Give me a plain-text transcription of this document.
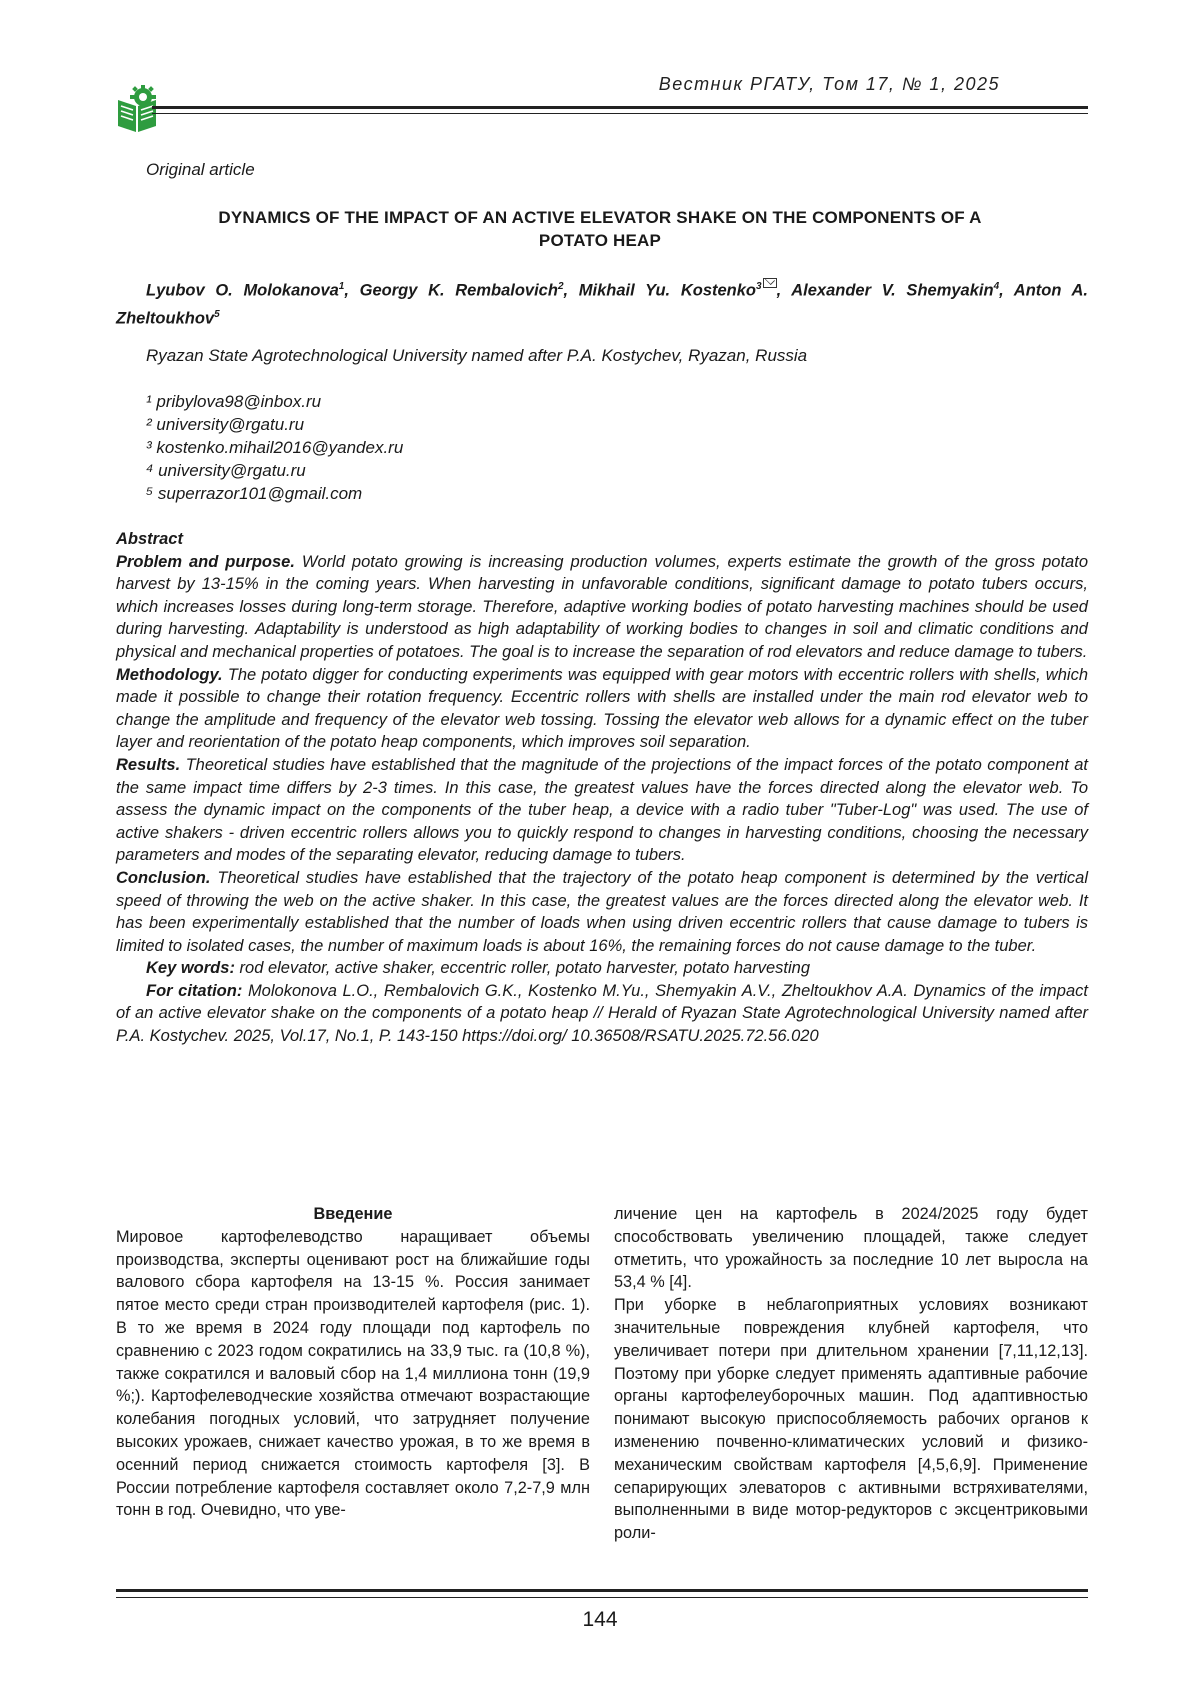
Вестник РГАТУ, Том 17, № 1, 2025
Original article
DYNAMICS OF THE IMPACT OF AN ACTIVE ELEVATOR SHAKE ON THE COMPONENTS OF A
POTATO HEAP
Lyubov O. Molokanova$^1$, Georgy K. Rembalovich$^2$, Mikhail Yu. Kostenko$^3$ , Alexander V. Shemyakin$^4$, Anton A. Zheltoukhov$^5$
Ryazan State Agrotechnological University named after P.A. Kostychev, Ryazan, Russia
¹ pribylova98@inbox.ru
² university@rgatu.ru
³ kostenko.mihail2016@yandex.ru
⁴ university@rgatu.ru
⁵ superrazor101@gmail.com

Abstract

Problem and purpose. World potato growing is increasing production volumes, experts estimate the growth of the gross potato harvest by 13-15% in the coming years. When harvesting in unfavorable conditions, significant damage to potato tubers occurs, which increases losses during long-term storage. Therefore, adaptive working bodies of potato harvesting machines should be used during harvesting. Adaptability is understood as high adaptability of working bodies to changes in soil and climatic conditions and physical and mechanical properties of potatoes. The goal is to increase the separation of rod elevators and reduce damage to tubers.

Methodology. The potato digger for conducting experiments was equipped with gear motors with eccentric rollers with shells, which made it possible to change their rotation frequency. Eccentric rollers with shells are installed under the main rod elevator web to change the amplitude and frequency of the elevator web tossing. Tossing the elevator web allows for a dynamic effect on the tuber layer and reorientation of the potato heap components, which improves soil separation.

Results. Theoretical studies have established that the magnitude of the projections of the impact forces of the potato component at the same impact time differs by 2-3 times. In this case, the greatest values have the forces directed along the elevator web. To assess the dynamic impact on the components of the tuber heap, a device with a radio tuber "Tuber-Log" was used. The use of active shakers - driven eccentric rollers allows you to quickly respond to changes in harvesting conditions, choosing the necessary parameters and modes of the separating elevator, reducing damage to tubers.

Conclusion. Theoretical studies have established that the trajectory of the potato heap component is determined by the vertical speed of throwing the web on the active shaker. In this case, the greatest values are the forces directed along the elevator web. It has been experimentally established that the number of loads when using driven eccentric rollers that cause damage to tubers is limited to isolated cases, the number of maximum loads is about 16%, the remaining forces do not cause damage to the tuber.

Key words: rod elevator, active shaker, eccentric roller, potato harvester, potato harvesting

For citation: Molokonova L.O., Rembalovich G.K., Kostenko M.Yu., Shemyakin A.V., Zheltoukhov A.A. Dynamics of the impact of an active elevator shake on the components of a potato heap // Herald of Ryazan State Agrotechnological University named after P.A. Kostychev. 2025, Vol.17, No.1, P. 143-150 https://doi.org/ 10.36508/RSATU.2025.72.56.020

Введение

Мировое картофелеводство наращивает объемы производства, эксперты оценивают рост на ближайшие годы валового сбора картофеля на 13-15 %. Россия занимает пятое место среди стран производителей картофеля (рис. 1). В то же время в 2024 году площади под картофель по сравнению с 2023 годом сократились на 33,9 тыс. га (10,8 %), также сократился и валовый сбор на 1,4 миллиона тонн (19,9 %;). Картофелеводческие хозяйства отмечают возрастающие колебания погодных условий, что затрудняет получение высоких урожаев, снижает качество урожая, в то же время в осенний период снижается стоимость картофеля [3]. В России потребление картофеля составляет около 7,2-7,9 млн тонн в год. Очевидно, что уве-

личение цен на картофель в 2024/2025 году будет способствовать увеличению площадей, также следует отметить, что урожайность за последние 10 лет выросла на 53,4 % [4].

При уборке в неблагоприятных условиях возникают значительные повреждения клубней картофеля, что увеличивает потери при длительном хранении [7,11,12,13]. Поэтому при уборке следует применять адаптивные рабочие органы картофелеуборочных машин. Под адаптивностью понимают высокую приспособляемость рабочих органов к изменению почвенно-климатических условий и физико-механическим свойствам картофеля [4,5,6,9]. Применение сепарирующих элеваторов с активными встряхивателями, выполненными в виде мотор-редукторов с эксцентриковыми роли-

144
